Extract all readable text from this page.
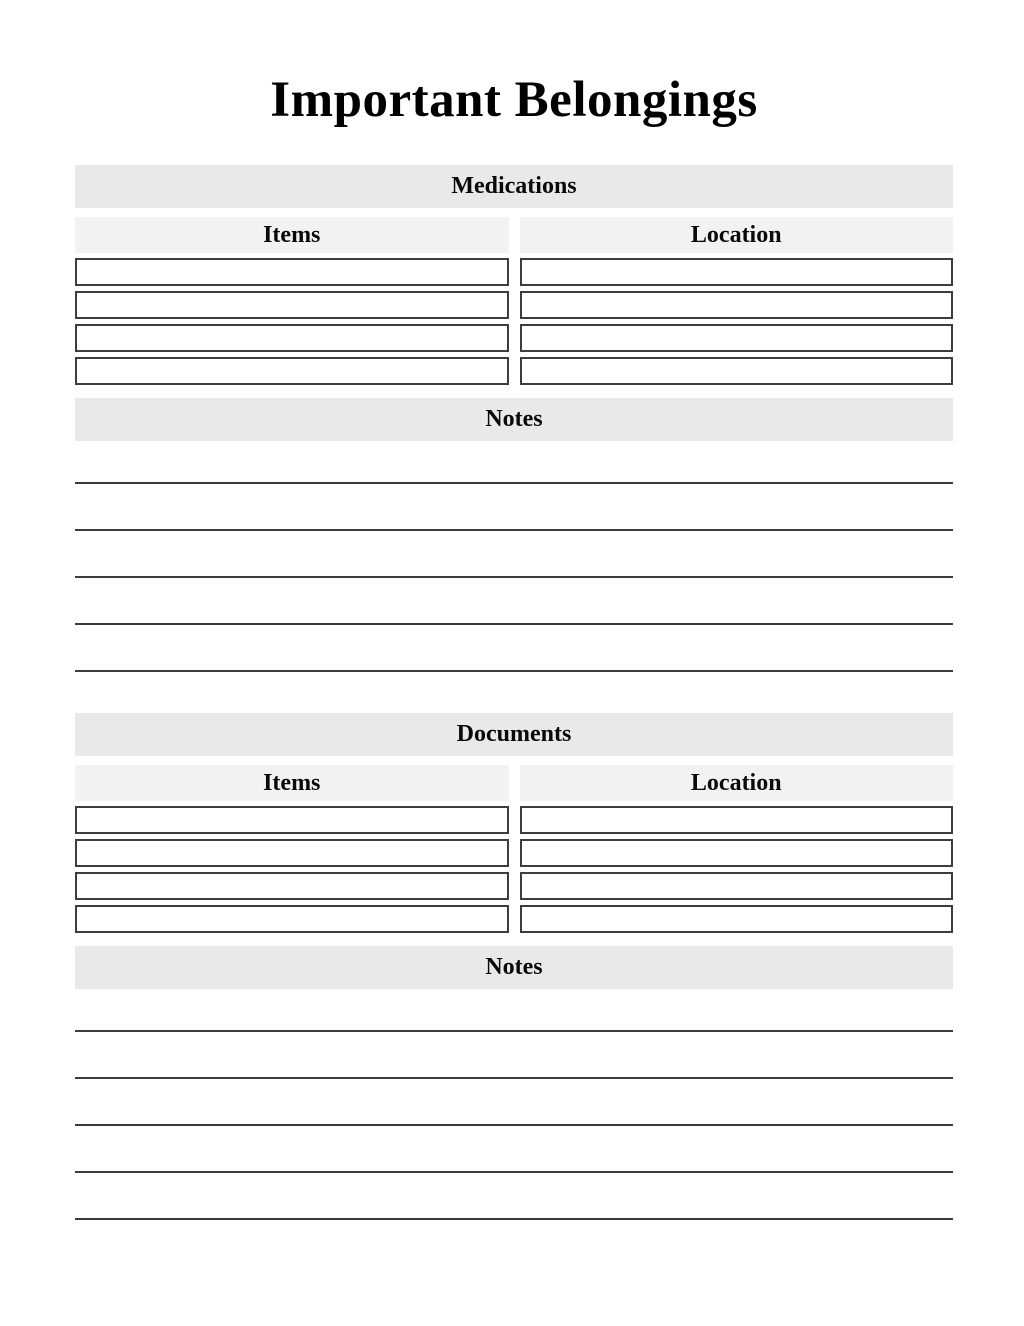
Important Belongings
Medications
Items	Location
Notes
Documents
Items	Location
Notes
